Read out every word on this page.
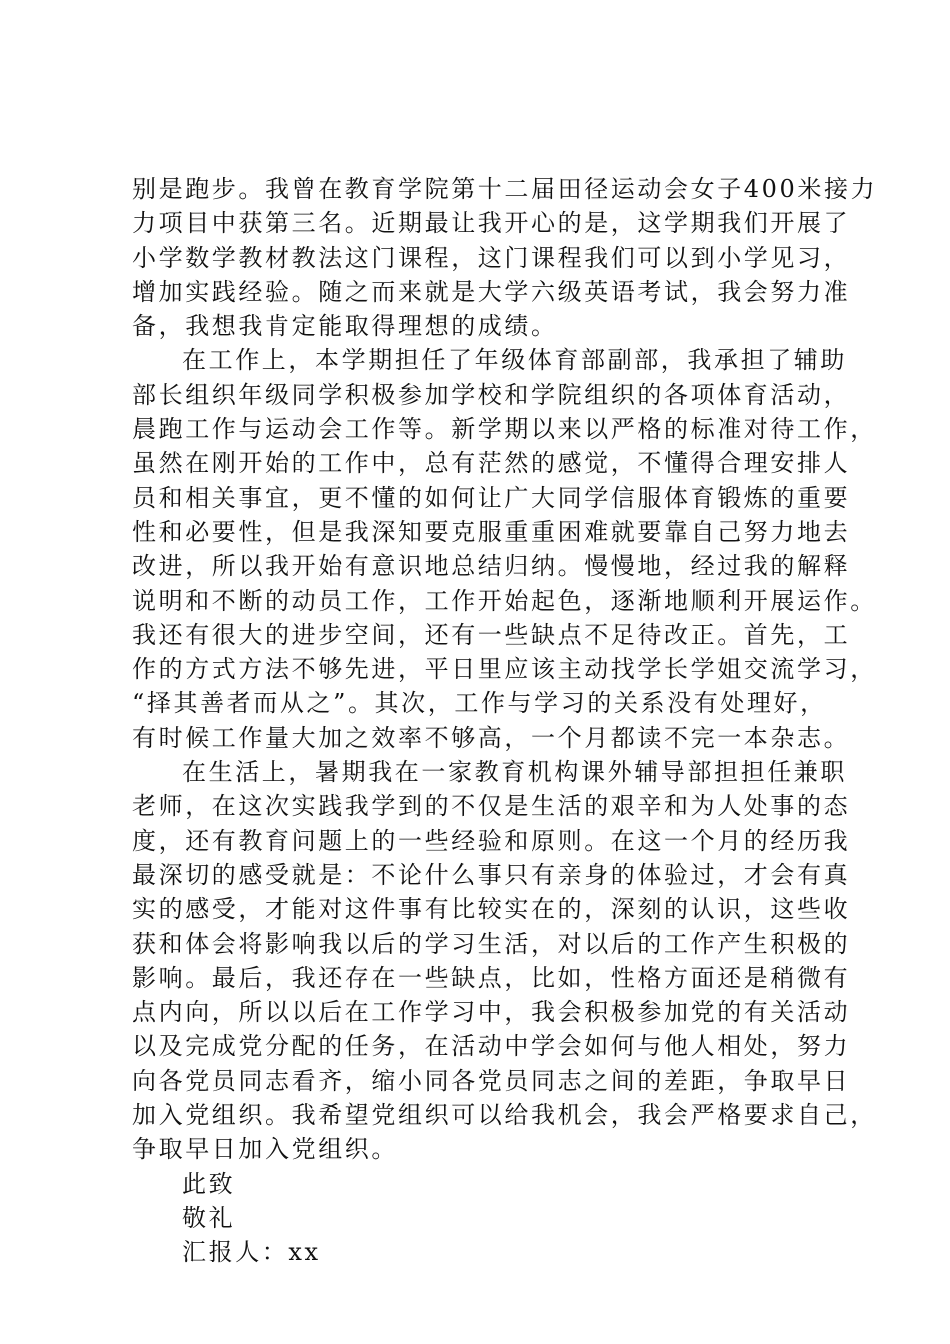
别是跑步。我曾在教育学院第十二届田径运动会女子400米接力
力项目中获第三名。近期最让我开心的是，这学期我们开展了
小学数学教材教法这门课程，这门课程我们可以到小学见习，
增加实践经验。随之而来就是大学六级英语考试，我会努力准
备，我想我肯定能取得理想的成绩。
在工作上，本学期担任了年级体育部副部，我承担了辅助
部长组织年级同学积极参加学校和学院组织的各项体育活动，
晨跑工作与运动会工作等。新学期以来以严格的标准对待工作，
虽然在刚开始的工作中，总有茫然的感觉，不懂得合理安排人
员和相关事宜，更不懂的如何让广大同学信服体育锻炼的重要
性和必要性，但是我深知要克服重重困难就要靠自己努力地去
改进，所以我开始有意识地总结归纳。慢慢地，经过我的解释
说明和不断的动员工作，工作开始起色，逐渐地顺利开展运作。
我还有很大的进步空间，还有一些缺点不足待改正。首先，工
作的方式方法不够先进，平日里应该主动找学长学姐交流学习，
“择其善者而从之”。其次，工作与学习的关系没有处理好，
有时候工作量大加之效率不够高，一个月都读不完一本杂志。
在生活上，暑期我在一家教育机构课外辅导部担担任兼职
老师，在这次实践我学到的不仅是生活的艰辛和为人处事的态
度，还有教育问题上的一些经验和原则。在这一个月的经历我
最深切的感受就是：不论什么事只有亲身的体验过，才会有真
实的感受，才能对这件事有比较实在的，深刻的认识，这些收
获和体会将影响我以后的学习生活，对以后的工作产生积极的
影响。最后，我还存在一些缺点，比如，性格方面还是稍微有
点内向，所以以后在工作学习中，我会积极参加党的有关活动
以及完成党分配的任务，在活动中学会如何与他人相处，努力
向各党员同志看齐，缩小同各党员同志之间的差距，争取早日
加入党组织。我希望党组织可以给我机会，我会严格要求自己，
争取早日加入党组织。
此致
敬礼
汇报人：xx
